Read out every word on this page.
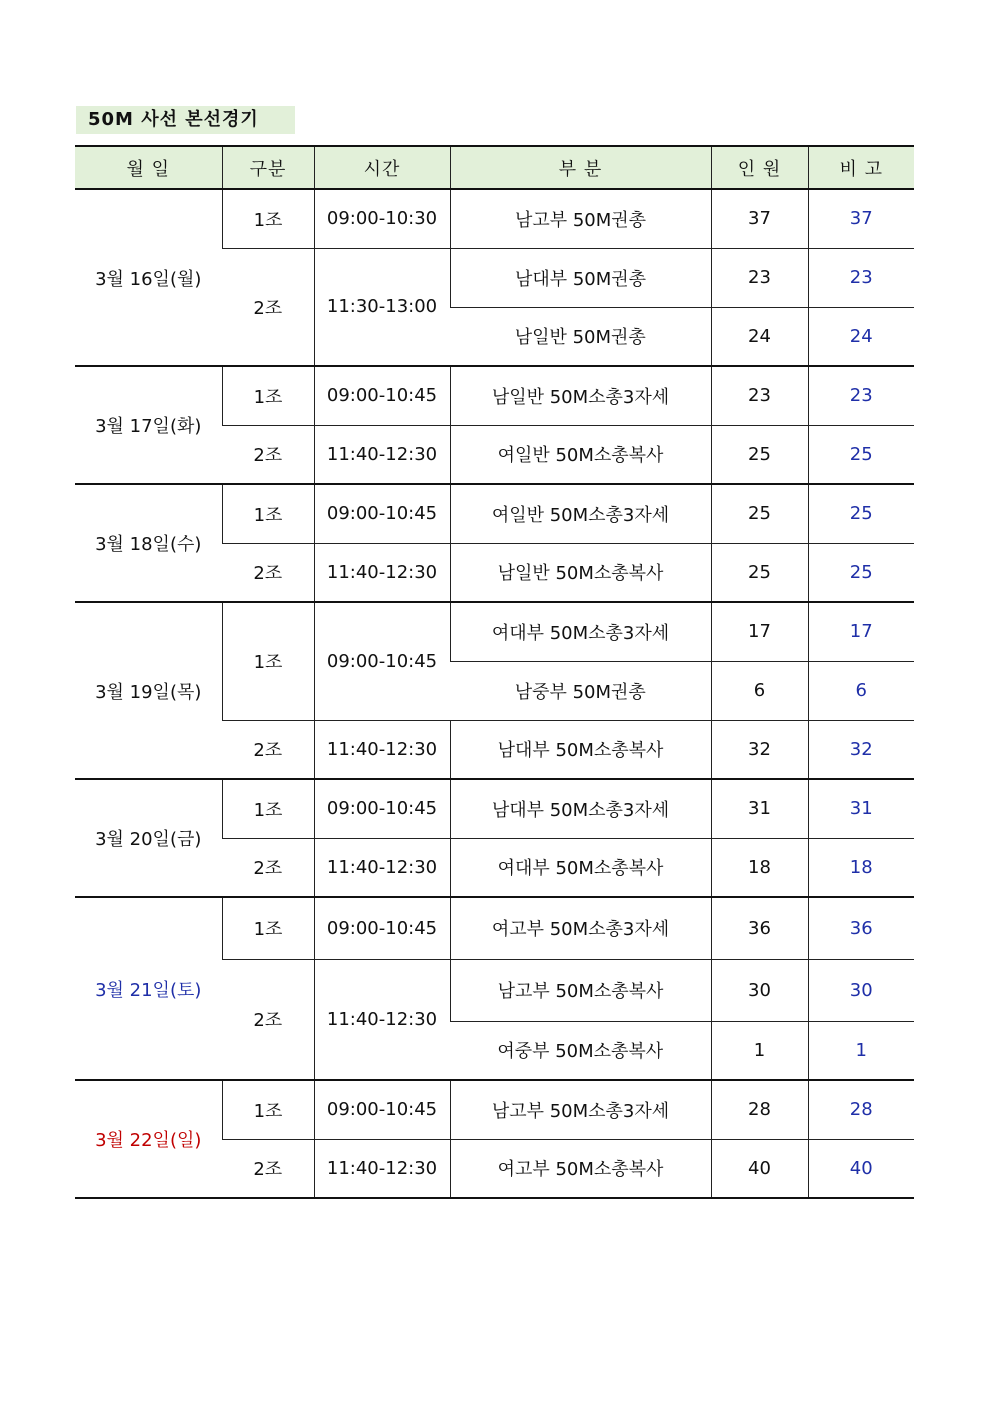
50M 사선 본선경기
월 일	구분	시간	부 분	인 원	비 고
3월 16일(월)	1조	09:00-10:30	남고부 50M권총	37	37
	2조	11:30-13:00	남대부 50M권총	23	23
			남일반 50M권총	24	24
3월 17일(화)	1조	09:00-10:45	남일반 50M소총3자세	23	23
	2조	11:40-12:30	여일반 50M소총복사	25	25
3월 18일(수)	1조	09:00-10:45	여일반 50M소총3자세	25	25
	2조	11:40-12:30	남일반 50M소총복사	25	25
3월 19일(목)	1조	09:00-10:45	여대부 50M소총3자세	17	17
			남중부 50M권총	6	6
	2조	11:40-12:30	남대부 50M소총복사	32	32
3월 20일(금)	1조	09:00-10:45	남대부 50M소총3자세	31	31
	2조	11:40-12:30	여대부 50M소총복사	18	18
3월 21일(토)	1조	09:00-10:45	여고부 50M소총3자세	36	36
	2조	11:40-12:30	남고부 50M소총복사	30	30
			여중부 50M소총복사	1	1
3월 22일(일)	1조	09:00-10:45	남고부 50M소총3자세	28	28
	2조	11:40-12:30	여고부 50M소총복사	40	40
